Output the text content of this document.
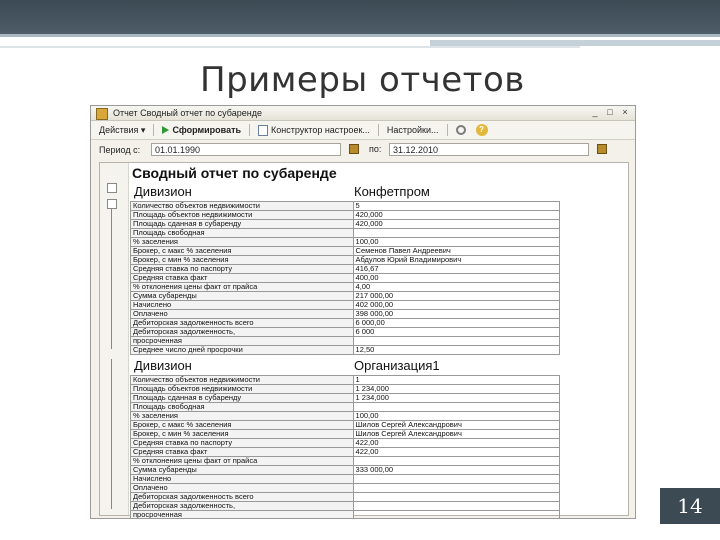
Примеры отчетов
Отчет Сводный отчет по субаренде	_	□	×
Действия ▾	Сформировать	Конструктор настроек... Настройки...	?
Период с:	01.01.1990	по:	31.12.2010
Сводный отчет по субаренде
Дивизион	Конфетпром
Количество объектов недвижимости	5
Площадь объектов недвижимости	420,000
Площадь сданная в субаренду	420,000
Площадь свободная	
% заселения	100,00
Брокер, с макс % заселения	Семенов Павел Андреевич
Брокер, с мин % заселения	Абдулов Юрий Владимирович
Средняя ставка по паспорту	416,67
Средняя ставка факт	400,00
% отклонения цены факт от прайса	4,00
Сумма субаренды	217 000,00
Начислено	402 000,00
Оплачено	398 000,00
Дебиторская задолженность всего	6 000,00
Дебиторская задолженность,	6 000
просроченная	
Среднее число дней просрочки	12,50
Дивизион	Организация1
Количество объектов недвижимости	1
Площадь объектов недвижимости	1 234,000
Площадь сданная в субаренду	1 234,000
Площадь свободная	
% заселения	100,00
Брокер, с макс % заселения	Шилов Сергей Александрович
Брокер, с мин % заселения	Шилов Сергей Александрович
Средняя ставка по паспорту	422,00
Средняя ставка факт	422,00
% отклонения цены факт от прайса	
Сумма субаренды	333 000,00
Начислено	
Оплачено	
Дебиторская задолженность всего	
Дебиторская задолженность,	
просроченная		14
